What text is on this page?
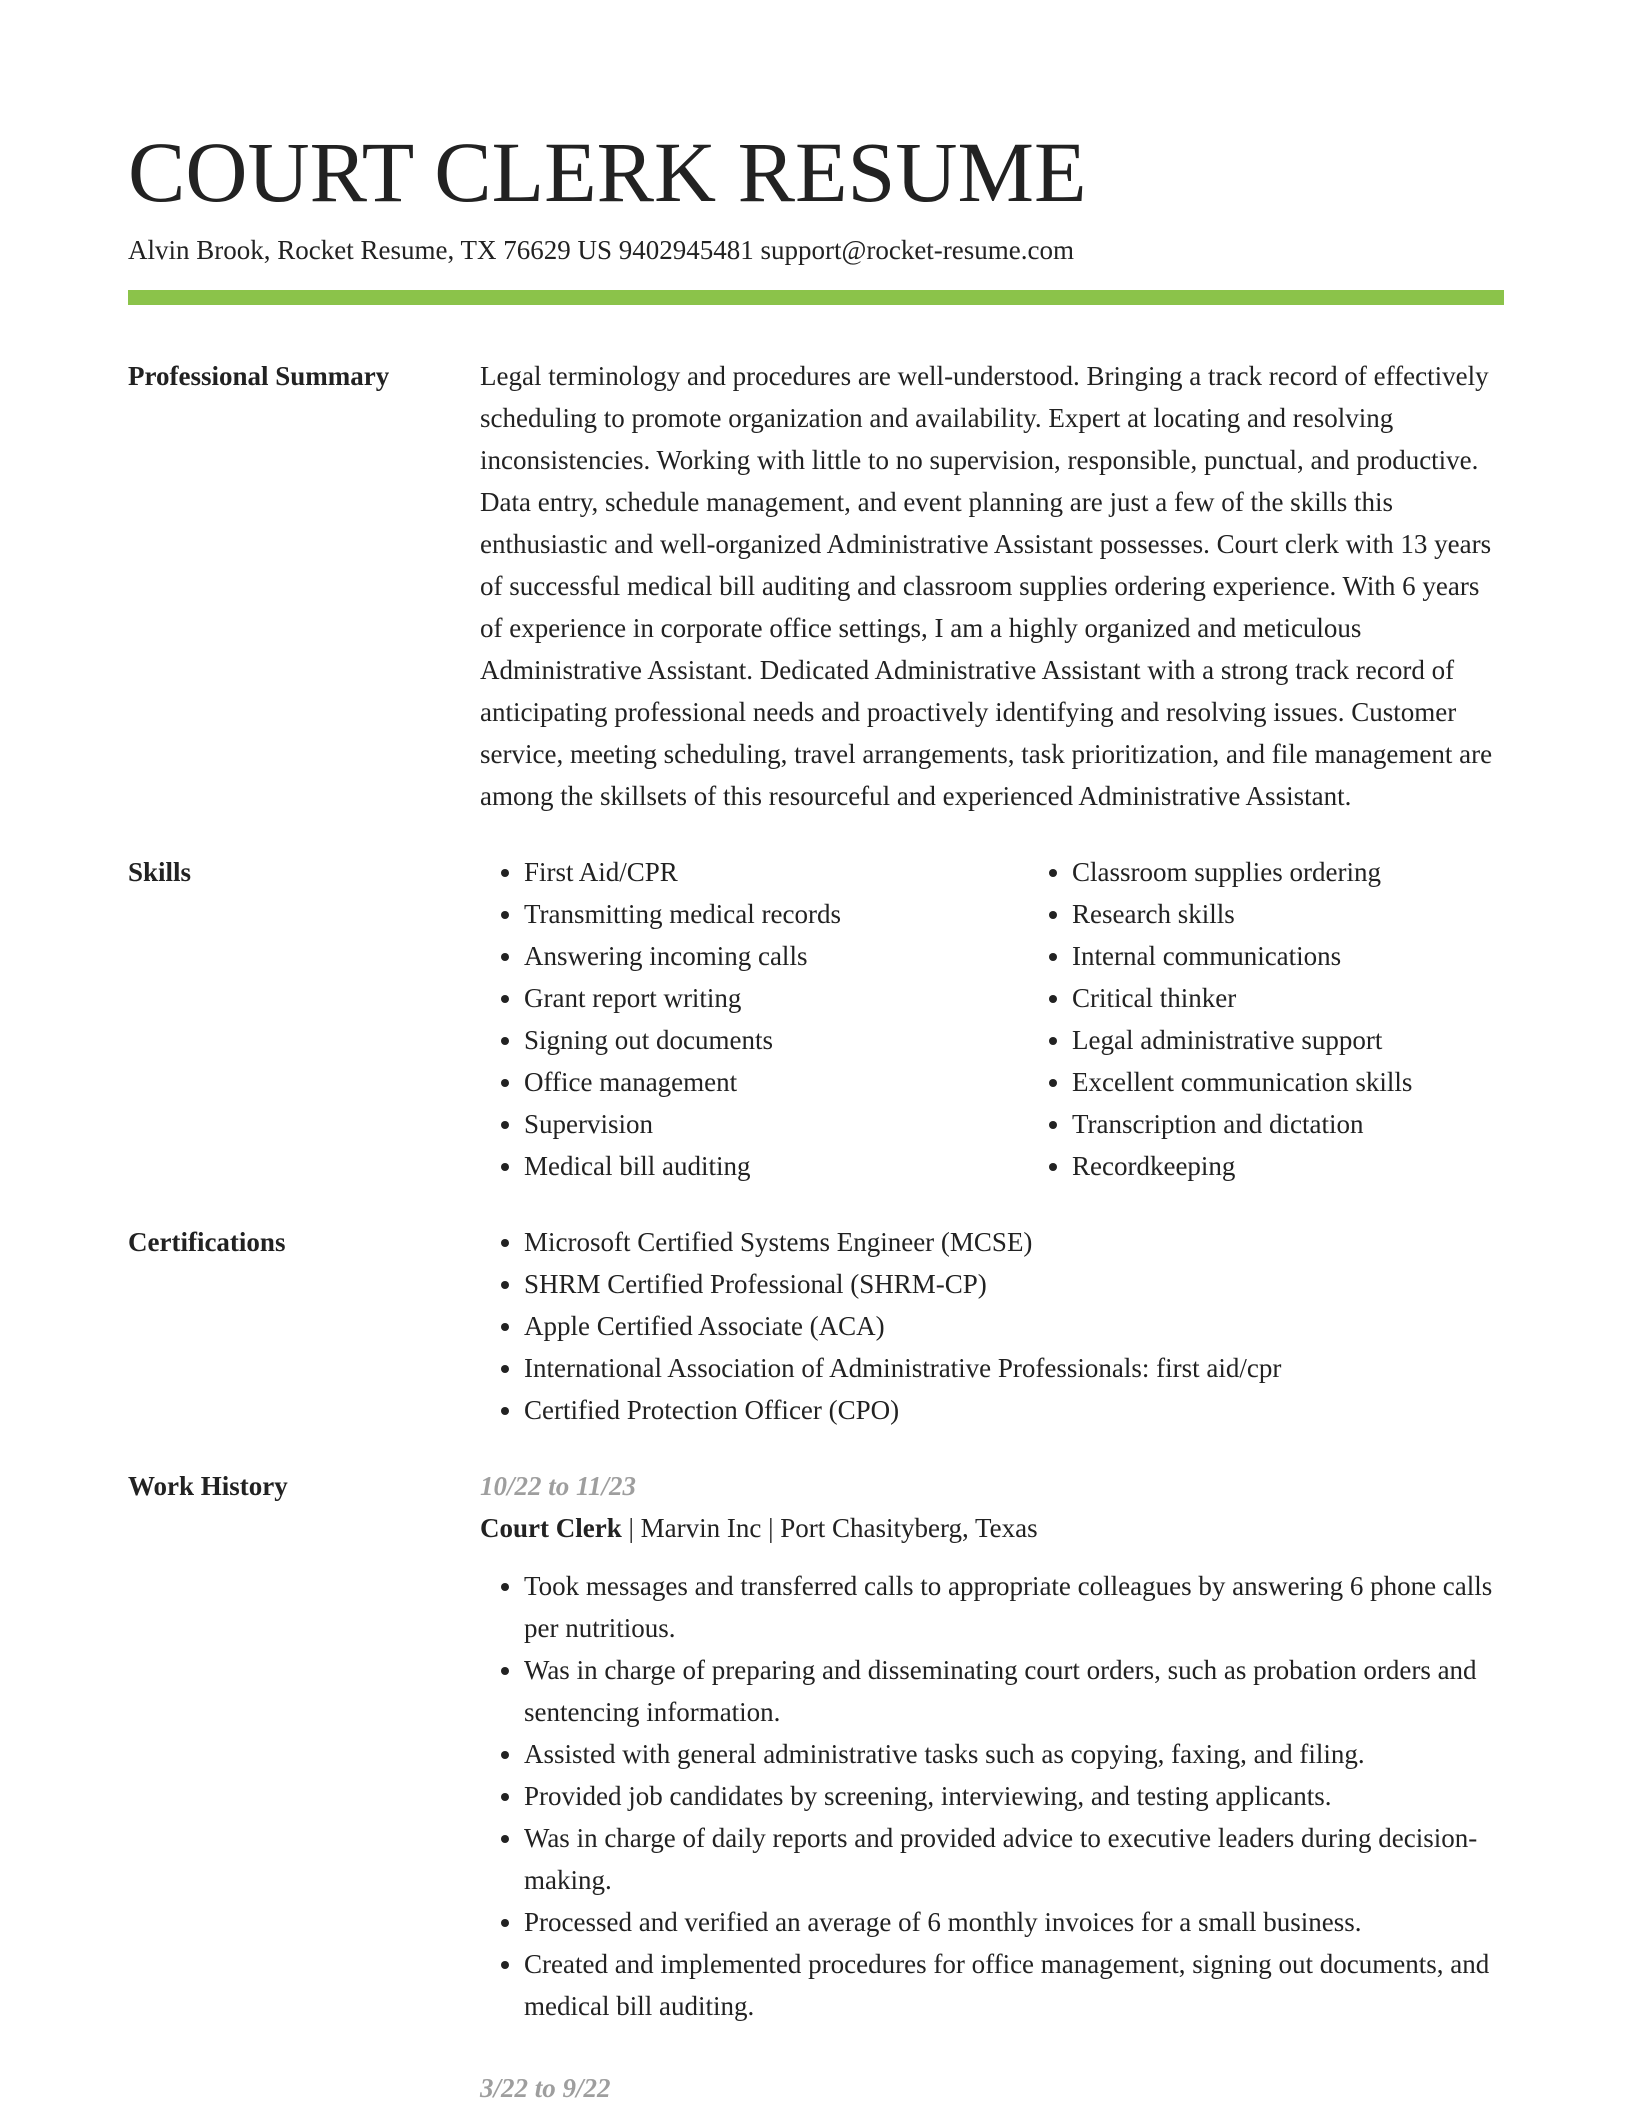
COURT CLERK RESUME
Alvin Brook, Rocket Resume, TX 76629 US 9402945481 support@rocket-resume.com
Professional Summary	Legal terminology and procedures are well-understood. Bringing a track record of effectively scheduling to promote organization and availability. Expert at locating and resolving inconsistencies. Working with little to no supervision, responsible, punctual, and productive. Data entry, schedule management, and event planning are just a few of the skills this enthusiastic and well-organized Administrative Assistant possesses. Court clerk with 13 years of successful medical bill auditing and classroom supplies ordering experience. With 6 years of experience in corporate office settings, I am a highly organized and meticulous Administrative Assistant. Dedicated Administrative Assistant with a strong track record of anticipating professional needs and proactively identifying and resolving issues. Customer service, meeting scheduling, travel arrangements, task prioritization, and file management are among the skillsets of this resourceful and experienced Administrative Assistant.

Skills	• First Aid/CPR
• Transmitting medical records
• Answering incoming calls
• Grant report writing
• Signing out documents
• Office management
• Supervision
• Medical bill auditing
• Classroom supplies ordering
• Research skills
• Internal communications
• Critical thinker
• Legal administrative support
• Excellent communication skills
• Transcription and dictation
• Recordkeeping
Certifications	• Microsoft Certified Systems Engineer (MCSE)
• SHRM Certified Professional (SHRM-CP)
• Apple Certified Associate (ACA)
• International Association of Administrative Professionals: first aid/cpr
• Certified Protection Officer (CPO)
Work History	10/22 to 11/23
Court Clerk | Marvin Inc | Port Chasityberg, Texas
• Took messages and transferred calls to appropriate colleagues by answering 6 phone calls per nutritious.
• Was in charge of preparing and disseminating court orders, such as probation orders and sentencing information.
• Assisted with general administrative tasks such as copying, faxing, and filing.
• Provided job candidates by screening, interviewing, and testing applicants.
• Was in charge of daily reports and provided advice to executive leaders during decision-making.
• Processed and verified an average of 6 monthly invoices for a small business.
• Created and implemented procedures for office management, signing out documents, and medical bill auditing.
3/22 to 9/22
